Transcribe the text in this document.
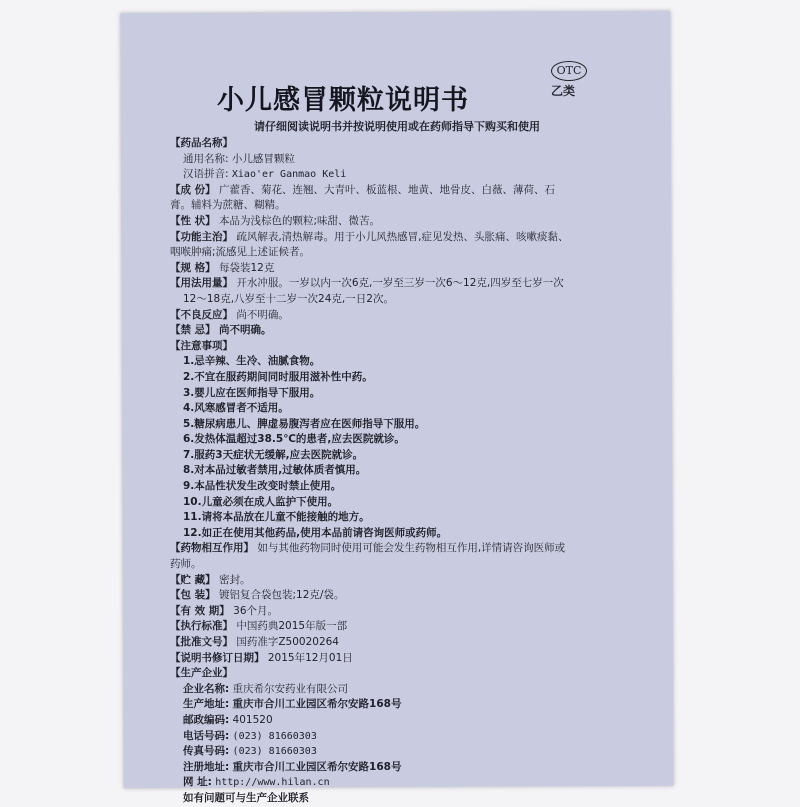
小儿感冒颗粒说明书
OTC
乙类
请仔细阅读说明书并按说明使用或在药师指导下购买和使用
【药品名称】
通用名称: 小儿感冒颗粒
汉语拼音: Xiao'er Ganmao Keli
【成 份】 广藿香、菊花、连翘、大青叶、板蓝根、地黄、地骨皮、白薇、薄荷、石
膏。辅料为蔗糖、糊精。
【性 状】 本品为浅棕色的颗粒;味甜、微苦。
【功能主治】 疏风解表,清热解毒。用于小儿风热感冒,症见发热、头胀痛、咳嗽痰黏、
咽喉肿痛;流感见上述证候者。
【规 格】 每袋装12克
【用法用量】 开水冲服。一岁以内一次6克,一岁至三岁一次6～12克,四岁至七岁一次
12～18克,八岁至十二岁一次24克,一日2次。
【不良反应】 尚不明确。
【禁 忌】 尚不明确。
【注意事项】
1.忌辛辣、生冷、油腻食物。
2.不宜在服药期间同时服用滋补性中药。
3.婴儿应在医师指导下服用。
4.风寒感冒者不适用。
5.糖尿病患儿、脾虚易腹泻者应在医师指导下服用。
6.发热体温超过38.5℃的患者,应去医院就诊。
7.服药3天症状无缓解,应去医院就诊。
8.对本品过敏者禁用,过敏体质者慎用。
9.本品性状发生改变时禁止使用。
10.儿童必须在成人监护下使用。
11.请将本品放在儿童不能接触的地方。
12.如正在使用其他药品,使用本品前请咨询医师或药师。
【药物相互作用】 如与其他药物同时使用可能会发生药物相互作用,详情请咨询医师或
药师。
【贮 藏】 密封。
【包 装】 镀铝复合袋包装;12克/袋。
【有 效 期】 36个月。
【执行标准】 中国药典2015年版一部
【批准文号】 国药准字Z50020264
【说明书修订日期】 2015年12月01日
【生产企业】
企业名称: 重庆希尔安药业有限公司
生产地址: 重庆市合川工业园区希尔安路168号
邮政编码: 401520
电话号码: (023) 81660303
传真号码: (023) 81660303
注册地址: 重庆市合川工业园区希尔安路168号
网 址: http://www.hilan.cn
如有问题可与生产企业联系
